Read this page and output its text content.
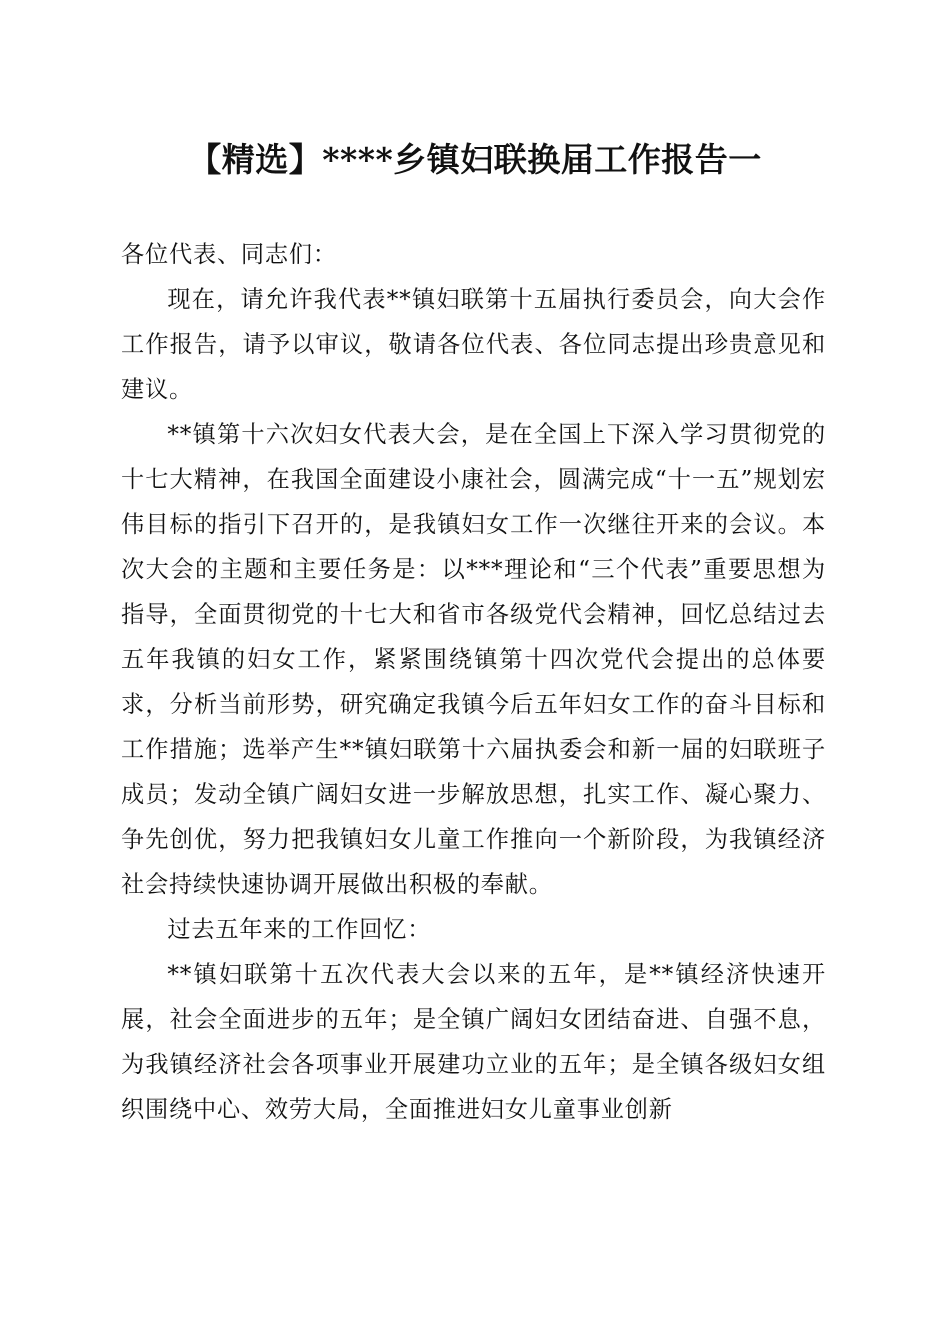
【精选】****乡镇妇联换届工作报告一

各位代表、同志们：

现在，请允许我代表**镇妇联第十五届执行委员会，向大会作工作报告，请予以审议，敬请各位代表、各位同志提出珍贵意见和建议。

**镇第十六次妇女代表大会，是在全国上下深入学习贯彻党的十七大精神，在我国全面建设小康社会，圆满完成“十一五”规划宏伟目标的指引下召开的，是我镇妇女工作一次继往开来的会议。本次大会的主题和主要任务是：以***理论和“三个代表”重要思想为指导，全面贯彻党的十七大和省市各级党代会精神，回忆总结过去五年我镇的妇女工作，紧紧围绕镇第十四次党代会提出的总体要求，分析当前形势，研究确定我镇今后五年妇女工作的奋斗目标和工作措施；选举产生**镇妇联第十六届执委会和新一届的妇联班子成员；发动全镇广阔妇女进一步解放思想，扎实工作、凝心聚力、争先创优，努力把我镇妇女儿童工作推向一个新阶段，为我镇经济社会持续快速协调开展做出积极的奉献。

过去五年来的工作回忆：

**镇妇联第十五次代表大会以来的五年，是**镇经济快速开展，社会全面进步的五年；是全镇广阔妇女团结奋进、自强不息，为我镇经济社会各项事业开展建功立业的五年；是全镇各级妇女组织围绕中心、效劳大局，全面推进妇女儿童事业创新
